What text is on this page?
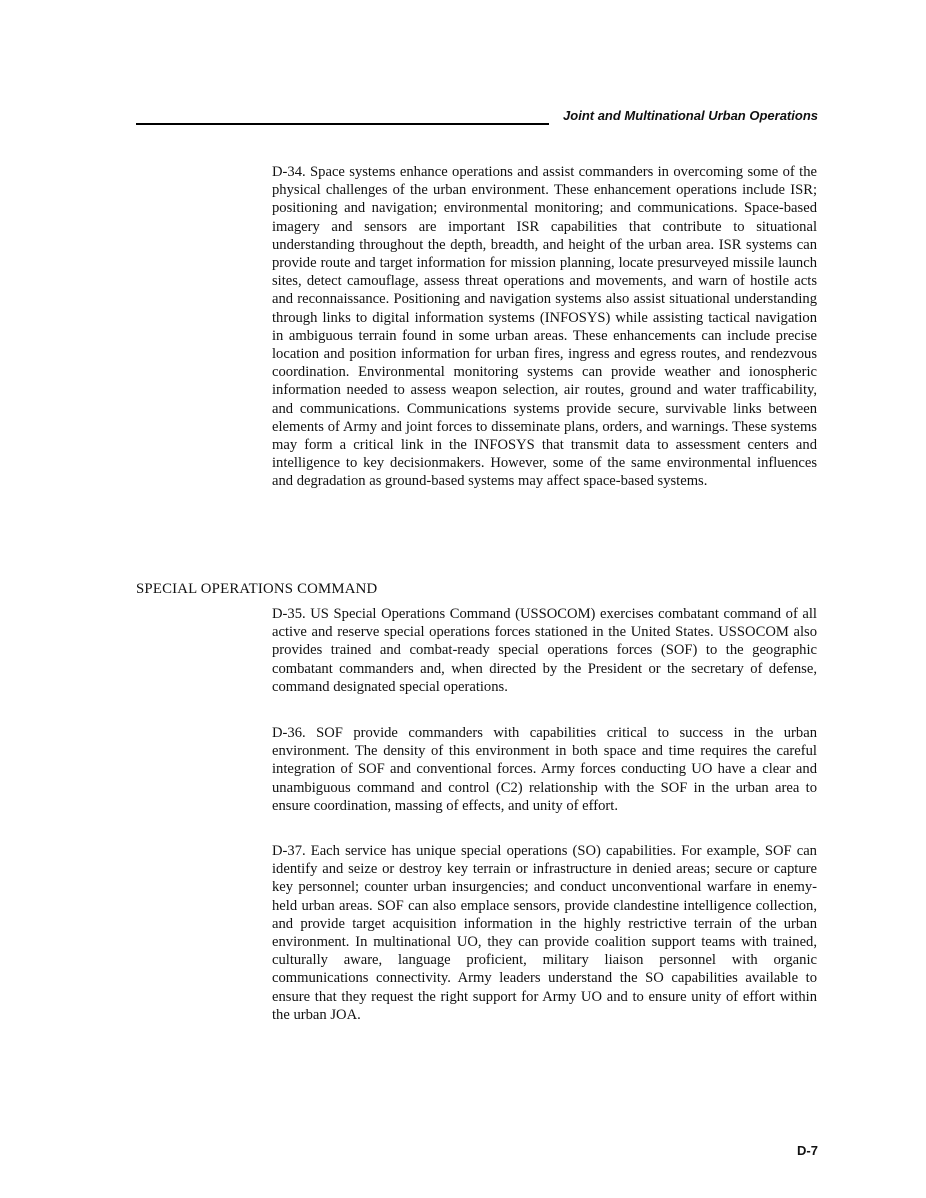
Joint and Multinational Urban Operations

D-34. Space systems enhance operations and assist commanders in overcoming some of the physical challenges of the urban environment. These enhancement operations include ISR; positioning and navigation; environmental monitoring; and communications. Space-based imagery and sensors are important ISR capabilities that contribute to situational understanding throughout the depth, breadth, and height of the urban area. ISR systems can provide route and target information for mission planning, locate presurveyed missile launch sites, detect camouflage, assess threat operations and movements, and warn of hostile acts and reconnaissance. Positioning and navigation systems also assist situational understanding through links to digital information systems (INFOSYS) while assisting tactical navigation in ambiguous terrain found in some urban areas. These enhancements can include precise location and position information for urban fires, ingress and egress routes, and rendezvous coordination. Environmental monitoring systems can provide weather and ionospheric information needed to assess weapon selection, air routes, ground and water trafficability, and communications. Communications systems provide secure, survivable links between elements of Army and joint forces to disseminate plans, orders, and warnings. These systems may form a critical link in the INFOSYS that transmit data to assessment centers and intelligence to key decisionmakers. However, some of the same environmental influences and degradation as ground-based systems may affect space-based systems.

SPECIAL OPERATIONS COMMAND

D-35. US Special Operations Command (USSOCOM) exercises combatant command of all active and reserve special operations forces stationed in the United States. USSOCOM also provides trained and combat-ready special operations forces (SOF) to the geographic combatant commanders and, when directed by the President or the secretary of defense, command designated special operations.

D-36. SOF provide commanders with capabilities critical to success in the urban environment. The density of this environment in both space and time requires the careful integration of SOF and conventional forces. Army forces conducting UO have a clear and unambiguous command and control (C2) relationship with the SOF in the urban area to ensure coordination, massing of effects, and unity of effort.

D-37. Each service has unique special operations (SO) capabilities. For example, SOF can identify and seize or destroy key terrain or infrastructure in denied areas; secure or capture key personnel; counter urban insurgencies; and conduct unconventional warfare in enemy-held urban areas. SOF can also emplace sensors, provide clandestine intelligence collection, and provide target acquisition information in the highly restrictive terrain of the urban environment. In multinational UO, they can provide coalition support teams with trained, culturally aware, language proficient, military liaison personnel with organic communications connectivity. Army leaders understand the SO capabilities available to ensure that they request the right support for Army UO and to ensure unity of effort within the urban JOA.

D-7
